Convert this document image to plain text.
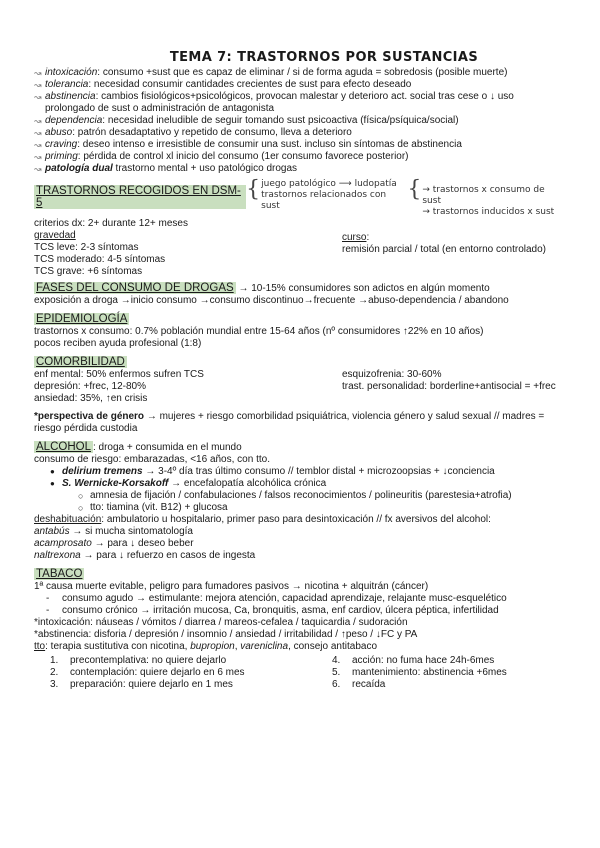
TEMA 7: TRASTORNOS POR SUSTANCIAS
↝ intoxicación: consumo +sust que es capaz de eliminar / si de forma aguda = sobredosis (posible muerte)
↝ tolerancia: necesidad consumir cantidades crecientes de sust para efecto deseado
↝ abstinencia: cambios fisiológicos+psicológicos, provocan malestar y deterioro act. social tras cese o ↓ uso prolongado de sust o administración de antagonista
↝ dependencia: necesidad ineludible de seguir tomando sust psicoactiva (física/psíquica/social)
↝ abuso: patrón desadaptativo y repetido de consumo, lleva a deterioro
↝ craving: deseo intenso e irresistible de consumir una sust. incluso sin síntomas de abstinencia
↝ priming: pérdida de control xl inicio del consumo (1er consumo favorece posterior)
↝ patología dual trastorno mental + uso patológico drogas
TRASTORNOS RECOGIDOS EN DSM-5
{ juego patológico ⟶ ludopatía
trastornos relacionados con sust
{ → trastornos x consumo de sust
→ trastornos inducidos x sust
criterios dx: 2+ durante 12+ meses
gravedad
TCS leve: 2-3 síntomas
TCS moderado: 4-5 síntomas
TCS grave: +6 síntomas
curso:
remisión parcial / total (en entorno controlado)
FASES DEL CONSUMO DE DROGAS → 10-15% consumidores son adictos en algún momento
exposición a droga →inicio consumo →consumo discontinuo→frecuente →abuso-dependencia / abandono
EPIDEMIOLOGÍA
trastornos x consumo: 0.7% población mundial entre 15-64 años (nº consumidores ↑22% en 10 años)
pocos reciben ayuda profesional (1:8)
COMORBILIDAD
enf mental: 50% enfermos sufren TCS
depresión: +frec, 12-80%
ansiedad: 35%, ↑en crisis
esquizofrenia: 30-60%
trast. personalidad: borderline+antisocial = +frec
*perspectiva de género → mujeres + riesgo comorbilidad psiquiátrica, violencia género y salud sexual // madres = riesgo pérdida custodia
ALCOHOL : droga + consumida en el mundo
consumo de riesgo: embarazadas, <16 años, con tto.
● delirium tremens → 3-4º día tras último consumo // temblor distal + microzoopsias + ↓conciencia
● S. Wernicke-Korsakoff → encefalopatía alcohólica crónica
○ amnesia de fijación / confabulaciones / falsos reconocimientos / polineuritis (parestesia+atrofia)
○ tto: tiamina (vit. B12) + glucosa
deshabituación: ambulatorio u hospitalario, primer paso para desintoxicación // fx aversivos del alcohol:
antabús → si mucha sintomatología
acamprosato → para ↓ deseo beber
naltrexona → para ↓ refuerzo en casos de ingesta
TABACO
1ª causa muerte evitable, peligro para fumadores pasivos → nicotina + alquitrán (cáncer)
- consumo agudo → estimulante: mejora atención, capacidad aprendizaje, relajante musc-esquelético
- consumo crónico → irritación mucosa, Ca, bronquitis, asma, enf cardiov, úlcera péptica, infertilidad
*intoxicación: náuseas / vómitos / diarrea / mareos-cefalea / taquicardia / sudoración
*abstinencia: disforia / depresión / insomnio / ansiedad / irritabilidad / ↑peso / ↓FC y PA
tto: terapia sustitutiva con nicotina, bupropion, vareniclina, consejo antitabaco
1.	precontemplativa: no quiere dejarlo
2.	contemplación: quiere dejarlo en 6 mes
3.	preparación: quiere dejarlo en 1 mes
4.	acción: no fuma hace 24h-6mes
5.	mantenimiento: abstinencia +6mes
6.	recaída
